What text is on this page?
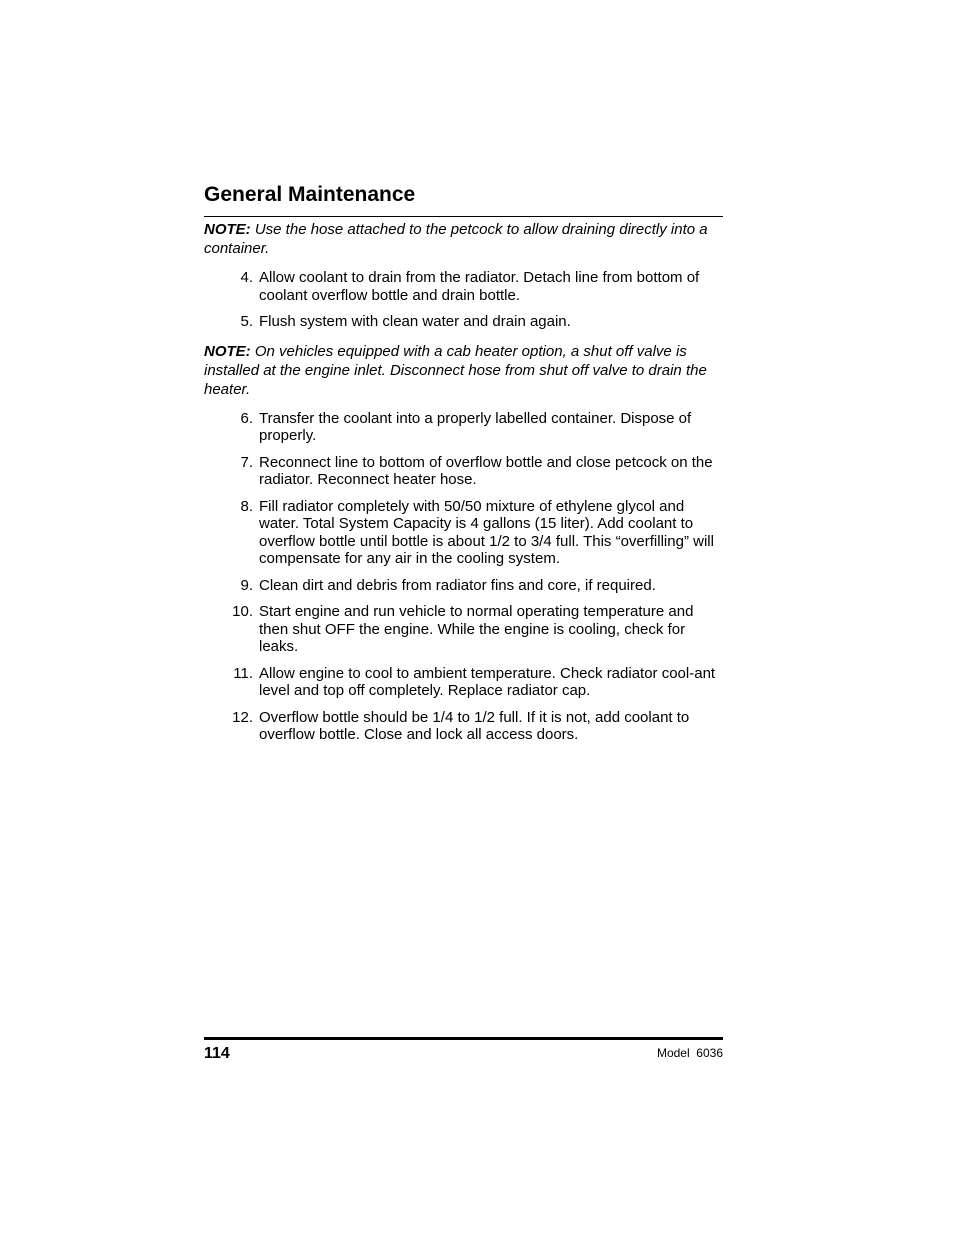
General Maintenance

NOTE: Use the hose attached to the petcock to allow draining directly into a container.

4. Allow coolant to drain from the radiator. Detach line from bottom of coolant overflow bottle and drain bottle.
5. Flush system with clean water and drain again.

NOTE: On vehicles equipped with a cab heater option, a shut off valve is installed at the engine inlet. Disconnect hose from shut off valve to drain the heater.

6. Transfer the coolant into a properly labelled container. Dispose of properly.
7. Reconnect line to bottom of overflow bottle and close petcock on the radiator. Reconnect heater hose.
8. Fill radiator completely with 50/50 mixture of ethylene glycol and water. Total System Capacity is 4 gallons (15 liter). Add coolant to overflow bottle until bottle is about 1/2 to 3/4 full. This “overfilling” will compensate for any air in the cooling system.
9. Clean dirt and debris from radiator fins and core, if required.
10. Start engine and run vehicle to normal operating temperature and then shut OFF the engine. While the engine is cooling, check for leaks.
11. Allow engine to cool to ambient temperature. Check radiator cool-ant level and top off completely. Replace radiator cap.
12. Overflow bottle should be 1/4 to 1/2 full. If it is not, add coolant to overflow bottle. Close and lock all access doors.
114	Model  6036
